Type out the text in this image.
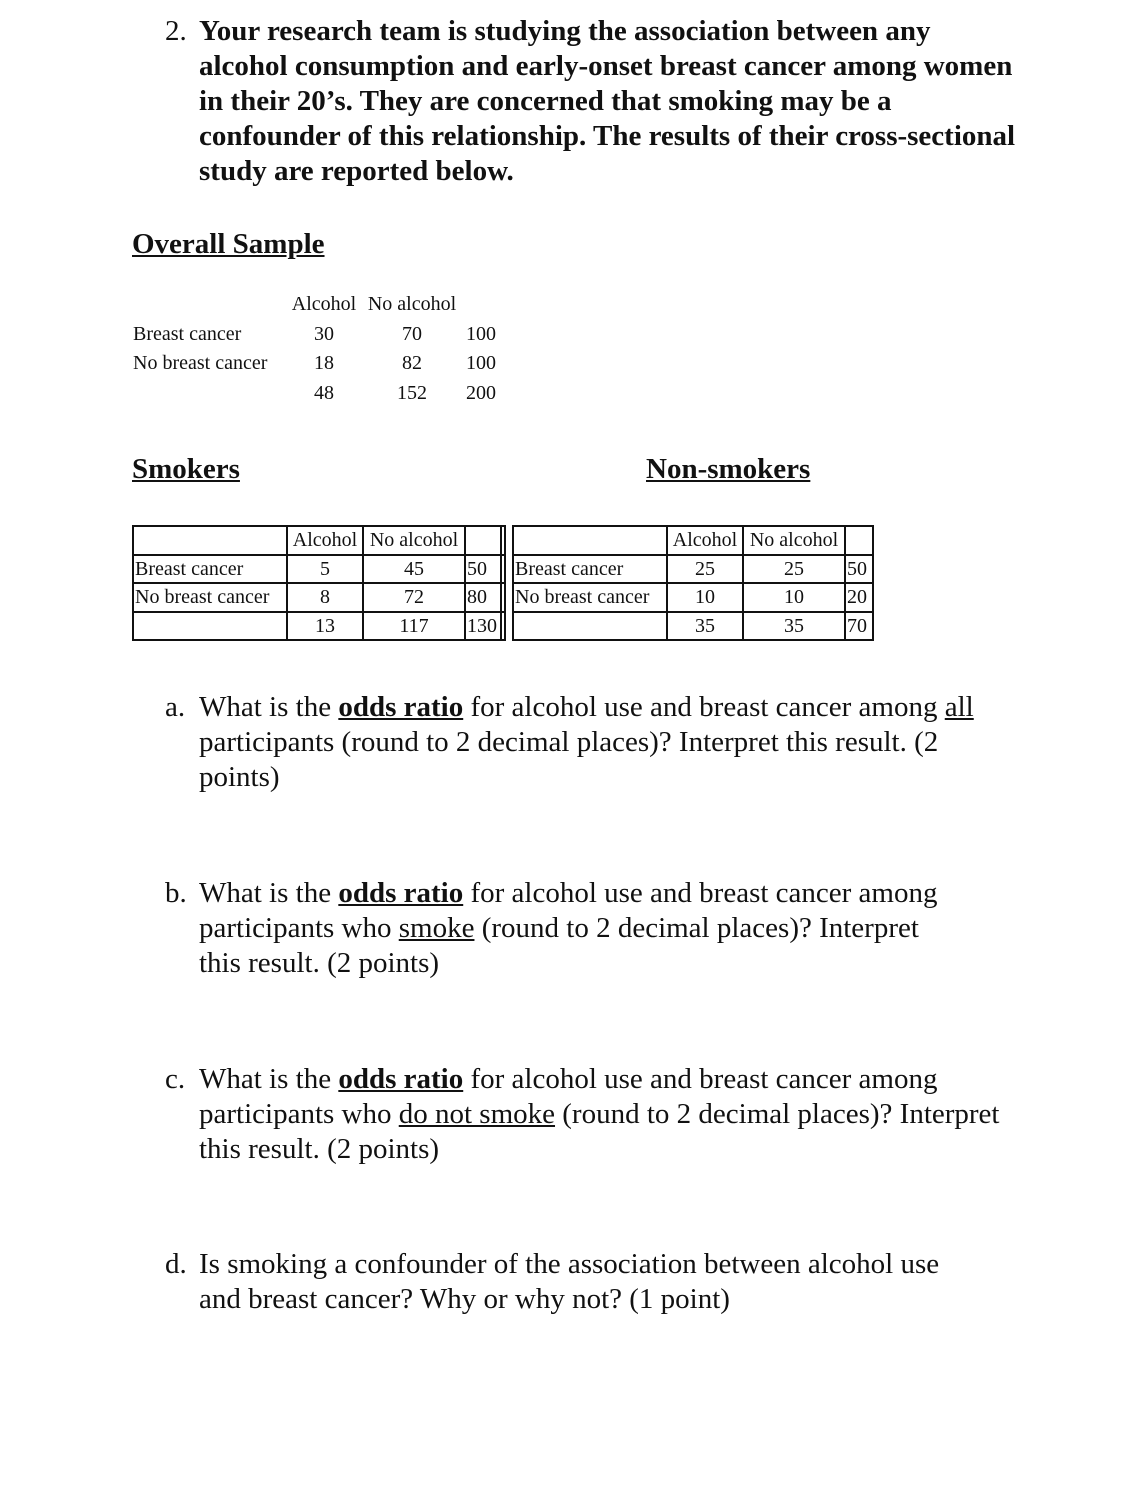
2. Your research team is studying the association between any alcohol consumption and early-onset breast cancer among women in their 20’s. They are concerned that smoking may be a confounder of this relationship. The results of their cross-sectional study are reported below.
Overall Sample
	Alcohol	No alcohol	
Breast cancer	30	70	100
No breast cancer	18	82	100
	48	152	200
Smokers	Non-smokers
	Alcohol	No alcohol		
Breast cancer	5	45	50	
No breast cancer	8	72	80	
	13	117	130	
	Alcohol	No alcohol	
Breast cancer	25	25	50
No breast cancer	10	10	20
	35	35	70
a. What is the odds ratio for alcohol use and breast cancer among all participants (round to 2 decimal places)? Interpret this result. (2 points)
b. What is the odds ratio for alcohol use and breast cancer among participants who smoke (round to 2 decimal places)? Interpret this result. (2 points)
c. What is the odds ratio for alcohol use and breast cancer among participants who do not smoke (round to 2 decimal places)? Interpret this result. (2 points)
d. Is smoking a confounder of the association between alcohol use and breast cancer? Why or why not? (1 point)
